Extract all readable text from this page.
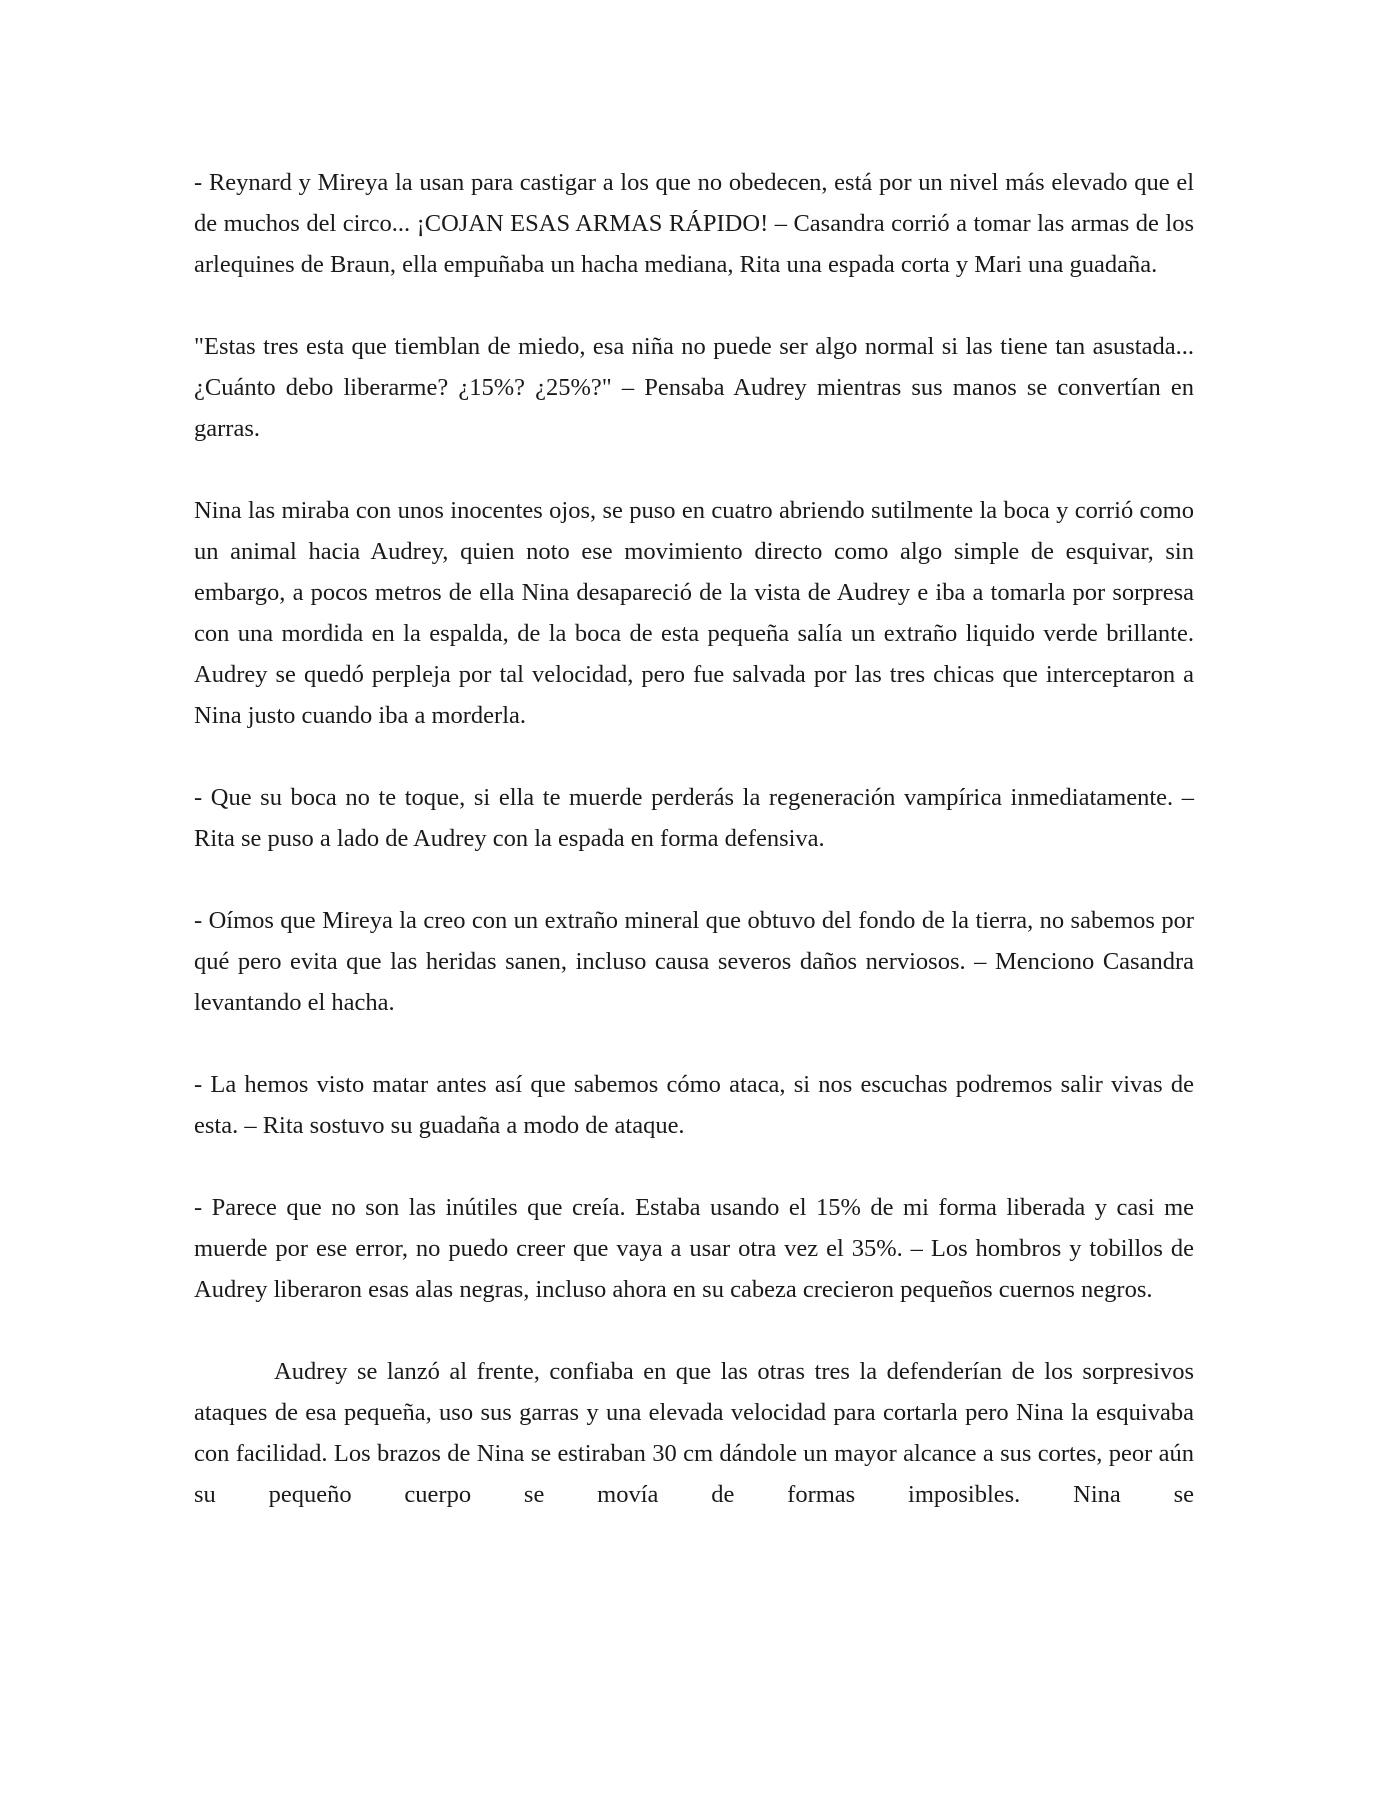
- Reynard y Mireya la usan para castigar a los que no obedecen, está por un nivel más elevado que el de muchos del circo... ¡COJAN ESAS ARMAS RÁPIDO! – Casandra corrió a tomar las armas de los arlequines de Braun, ella empuñaba un hacha mediana, Rita una espada corta y Mari una guadaña.

"Estas tres esta que tiemblan de miedo, esa niña no puede ser algo normal si las tiene tan asustada... ¿Cuánto debo liberarme? ¿15%? ¿25%?" – Pensaba Audrey mientras sus manos se convertían en garras.

Nina las miraba con unos inocentes ojos, se puso en cuatro abriendo sutilmente la boca y corrió como un animal hacia Audrey, quien noto ese movimiento directo como algo simple de esquivar, sin embargo, a pocos metros de ella Nina desapareció de la vista de Audrey e iba a tomarla por sorpresa con una mordida en la espalda, de la boca de esta pequeña salía un extraño liquido verde brillante. Audrey se quedó perpleja por tal velocidad, pero fue salvada por las tres chicas que interceptaron a Nina justo cuando iba a morderla.

- Que su boca no te toque, si ella te muerde perderás la regeneración vampírica inmediatamente. – Rita se puso a lado de Audrey con la espada en forma defensiva.

- Oímos que Mireya la creo con un extraño mineral que obtuvo del fondo de la tierra, no sabemos por qué pero evita que las heridas sanen, incluso causa severos daños nerviosos. – Menciono Casandra levantando el hacha.

- La hemos visto matar antes así que sabemos cómo ataca, si nos escuchas podremos salir vivas de esta. – Rita sostuvo su guadaña a modo de ataque.

- Parece que no son las inútiles que creía. Estaba usando el 15% de mi forma liberada y casi me muerde por ese error, no puedo creer que vaya a usar otra vez el 35%. – Los hombros y tobillos de Audrey liberaron esas alas negras, incluso ahora en su cabeza crecieron pequeños cuernos negros.

Audrey se lanzó al frente, confiaba en que las otras tres la defenderían de los sorpresivos ataques de esa pequeña, uso sus garras y una elevada velocidad para cortarla pero Nina la esquivaba con facilidad. Los brazos de Nina se estiraban 30 cm dándole un mayor alcance a sus cortes, peor aún su pequeño cuerpo se movía de formas imposibles. Nina se
